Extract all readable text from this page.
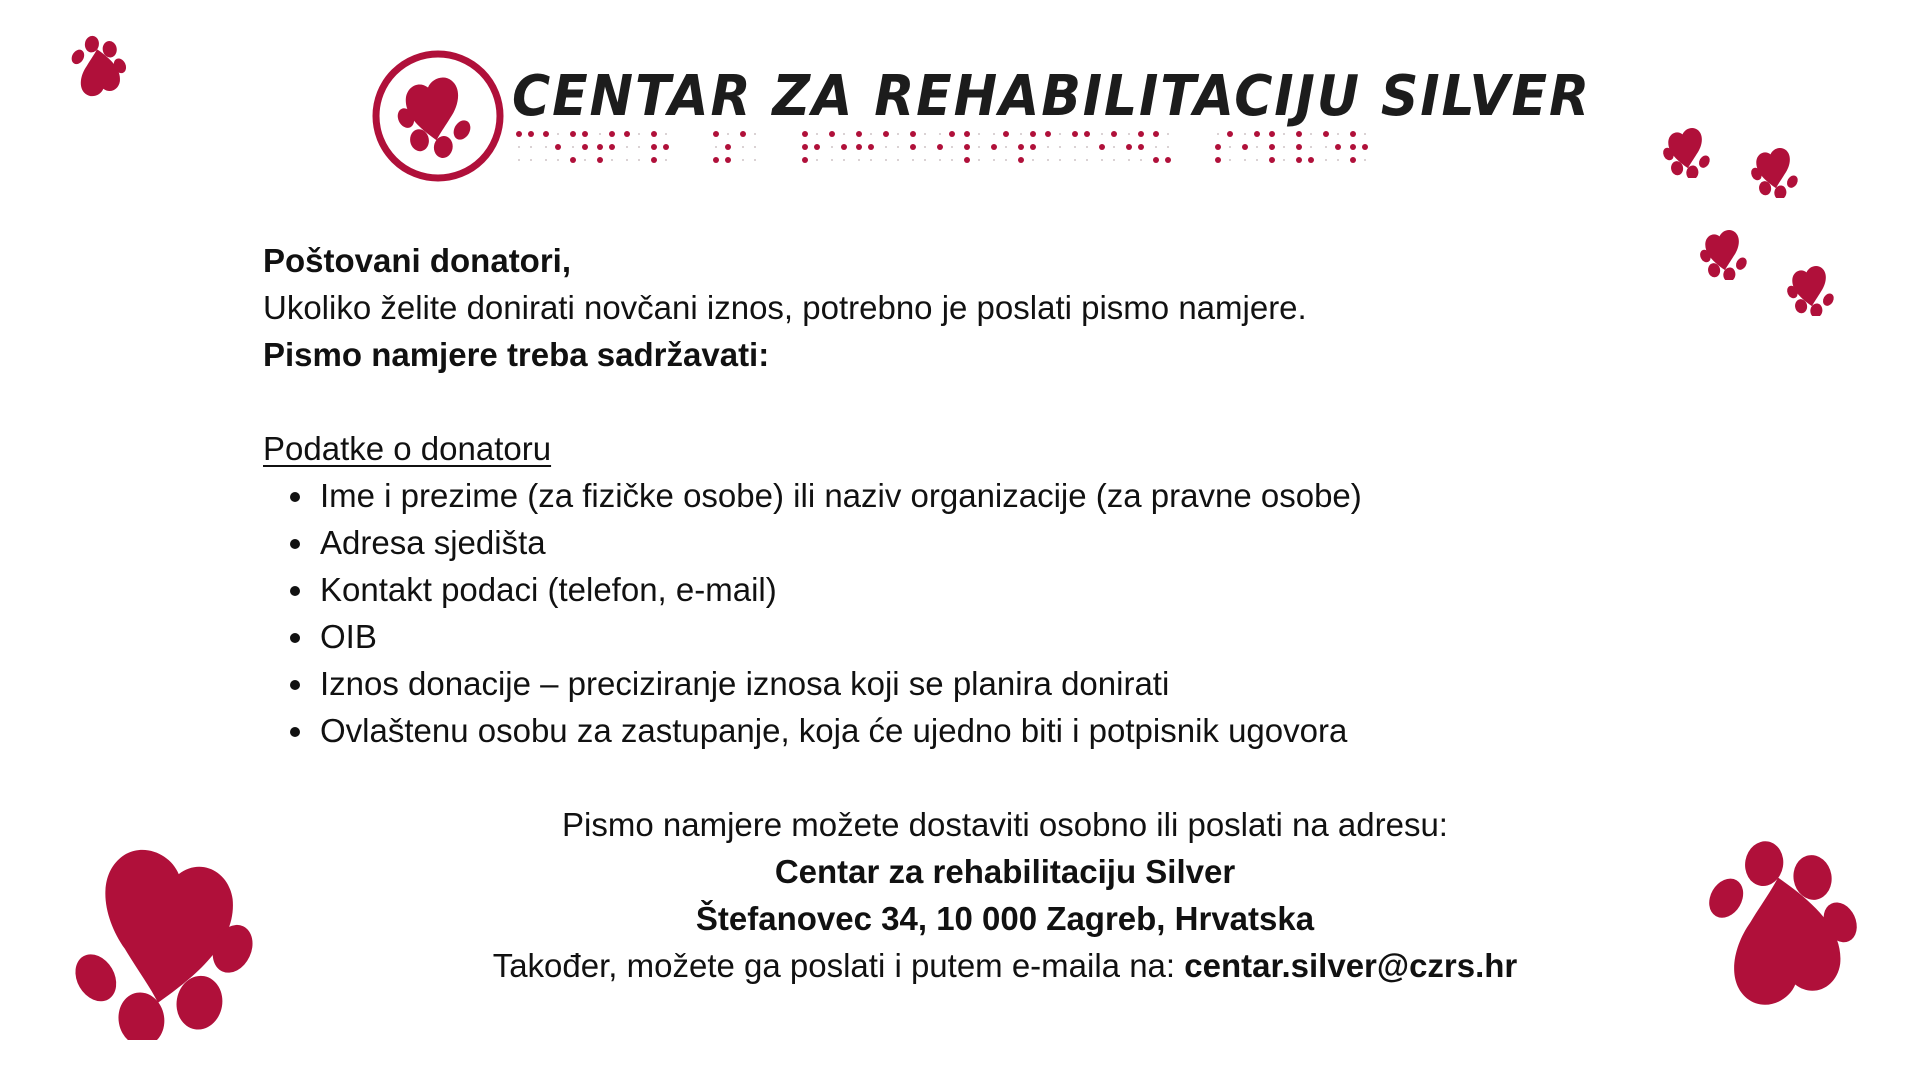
CENTAR ZA REHABILITACIJU SILVER
Poštovani donatori,
Ukoliko želite donirati novčani iznos, potrebno je poslati pismo namjere.
Pismo namjere treba sadržavati:
Podatke o donatoru
Ime i prezime (za fizičke osobe) ili naziv organizacije (za pravne osobe)
Adresa sjedišta
Kontakt podaci (telefon, e-mail)
OIB
Iznos donacije – preciziranje iznosa koji se planira donirati
Ovlaštenu osobu za zastupanje, koja će ujedno biti i potpisnik ugovora
Pismo namjere možete dostaviti osobno ili poslati na adresu:
Centar za rehabilitaciju Silver
Štefanovec 34, 10 000 Zagreb, Hrvatska
Također, možete ga poslati i putem e-maila na: centar.silver@czrs.hr
